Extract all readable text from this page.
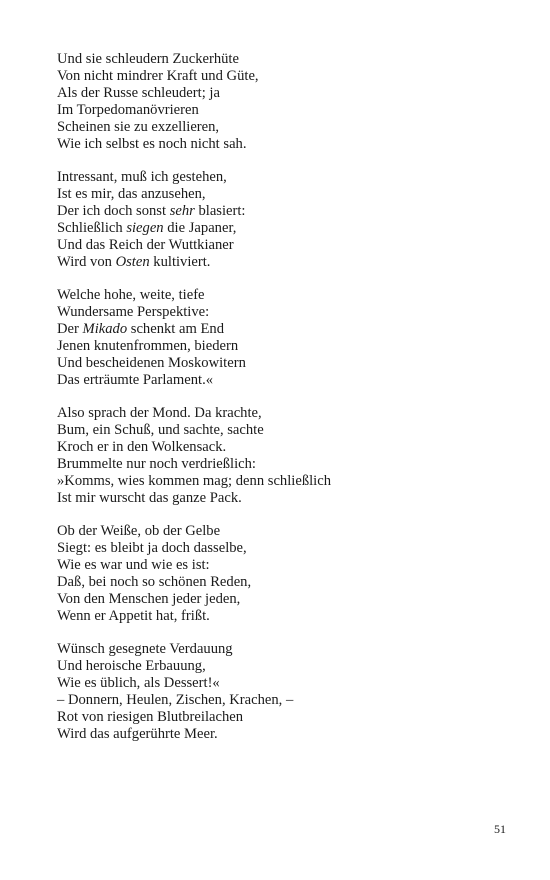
Und sie schleudern Zuckerhüte
Von nicht mindrer Kraft und Güte,
Als der Russe schleudert; ja
Im Torpedomanövrieren
Scheinen sie zu exzellieren,
Wie ich selbst es noch nicht sah.
Intressant, muß ich gestehen,
Ist es mir, das anzusehen,
Der ich doch sonst sehr blasiert:
Schließlich siegen die Japaner,
Und das Reich der Wuttkianer
Wird von Osten kultiviert.
Welche hohe, weite, tiefe
Wundersame Perspektive:
Der Mikado schenkt am End
Jenen knutenfrommen, biedern
Und bescheidenen Moskowitern
Das erträumte Parlament.«
Also sprach der Mond. Da krachte,
Bum, ein Schuß, und sachte, sachte
Kroch er in den Wolkensack.
Brummelte nur noch verdrießlich:
»Komms, wies kommen mag; denn schließlich
Ist mir wurscht das ganze Pack.
Ob der Weiße, ob der Gelbe
Siegt: es bleibt ja doch dasselbe,
Wie es war und wie es ist:
Daß, bei noch so schönen Reden,
Von den Menschen jeder jeden,
Wenn er Appetit hat, frißt.
Wünsch gesegnete Verdauung
Und heroische Erbauung,
Wie es üblich, als Dessert!«
– Donnern, Heulen, Zischen, Krachen, –
Rot von riesigen Blutbreilachen
Wird das aufgerührte Meer.
51
